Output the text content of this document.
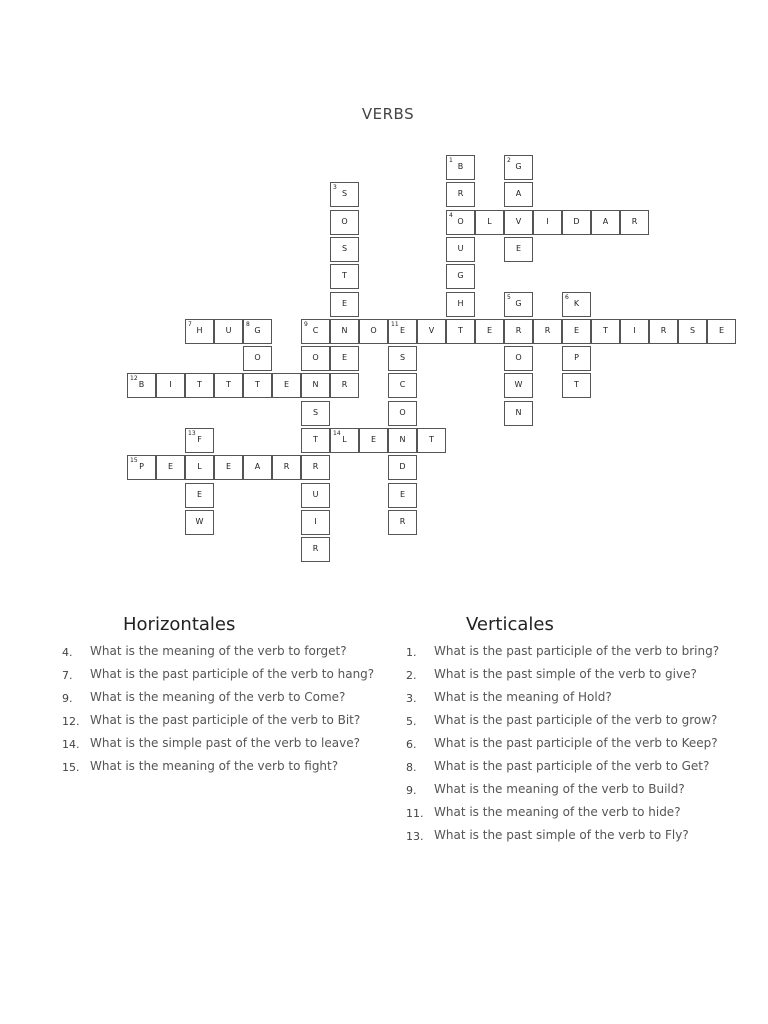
VERBS
1
B
R
4
O
U
G
H
T
2
G
A
V
E
L	I	D	A	R
3
S
O
S
T
E
N
E
R
5
G
R
O
W
N
6
K
E
P
T
7
H	U
8
G
O
T
9
C	O
11
E	V	E	R	T	I	R	S	E
O
N
S
T
R
U
I
R
S
C
O
N
D
E
R
12
B	I	T	T	E
13
F
L
E
W
14
L	E	T
15
P	E	E	A	R
Horizontales	Verticales
4. What is the meaning of the verb to forget?
7. What is the past participle of the verb to hang?
9. What is the meaning of the verb to Come?
12. What is the past participle of the verb to Bit?
14. What is the simple past of the verb to leave?
15. What is the meaning of the verb to fight?
1. What is the past participle of the verb to bring?
2. What is the past simple of the verb to give?
3. What is the meaning of Hold?
5. What is the past participle of the verb to grow?
6. What is the past participle of the verb to Keep?
8. What is the past participle of the verb to Get?
9. What is the meaning of the verb to Build?
11. What is the meaning of the verb to hide?
13. What is the past simple of the verb to Fly?
